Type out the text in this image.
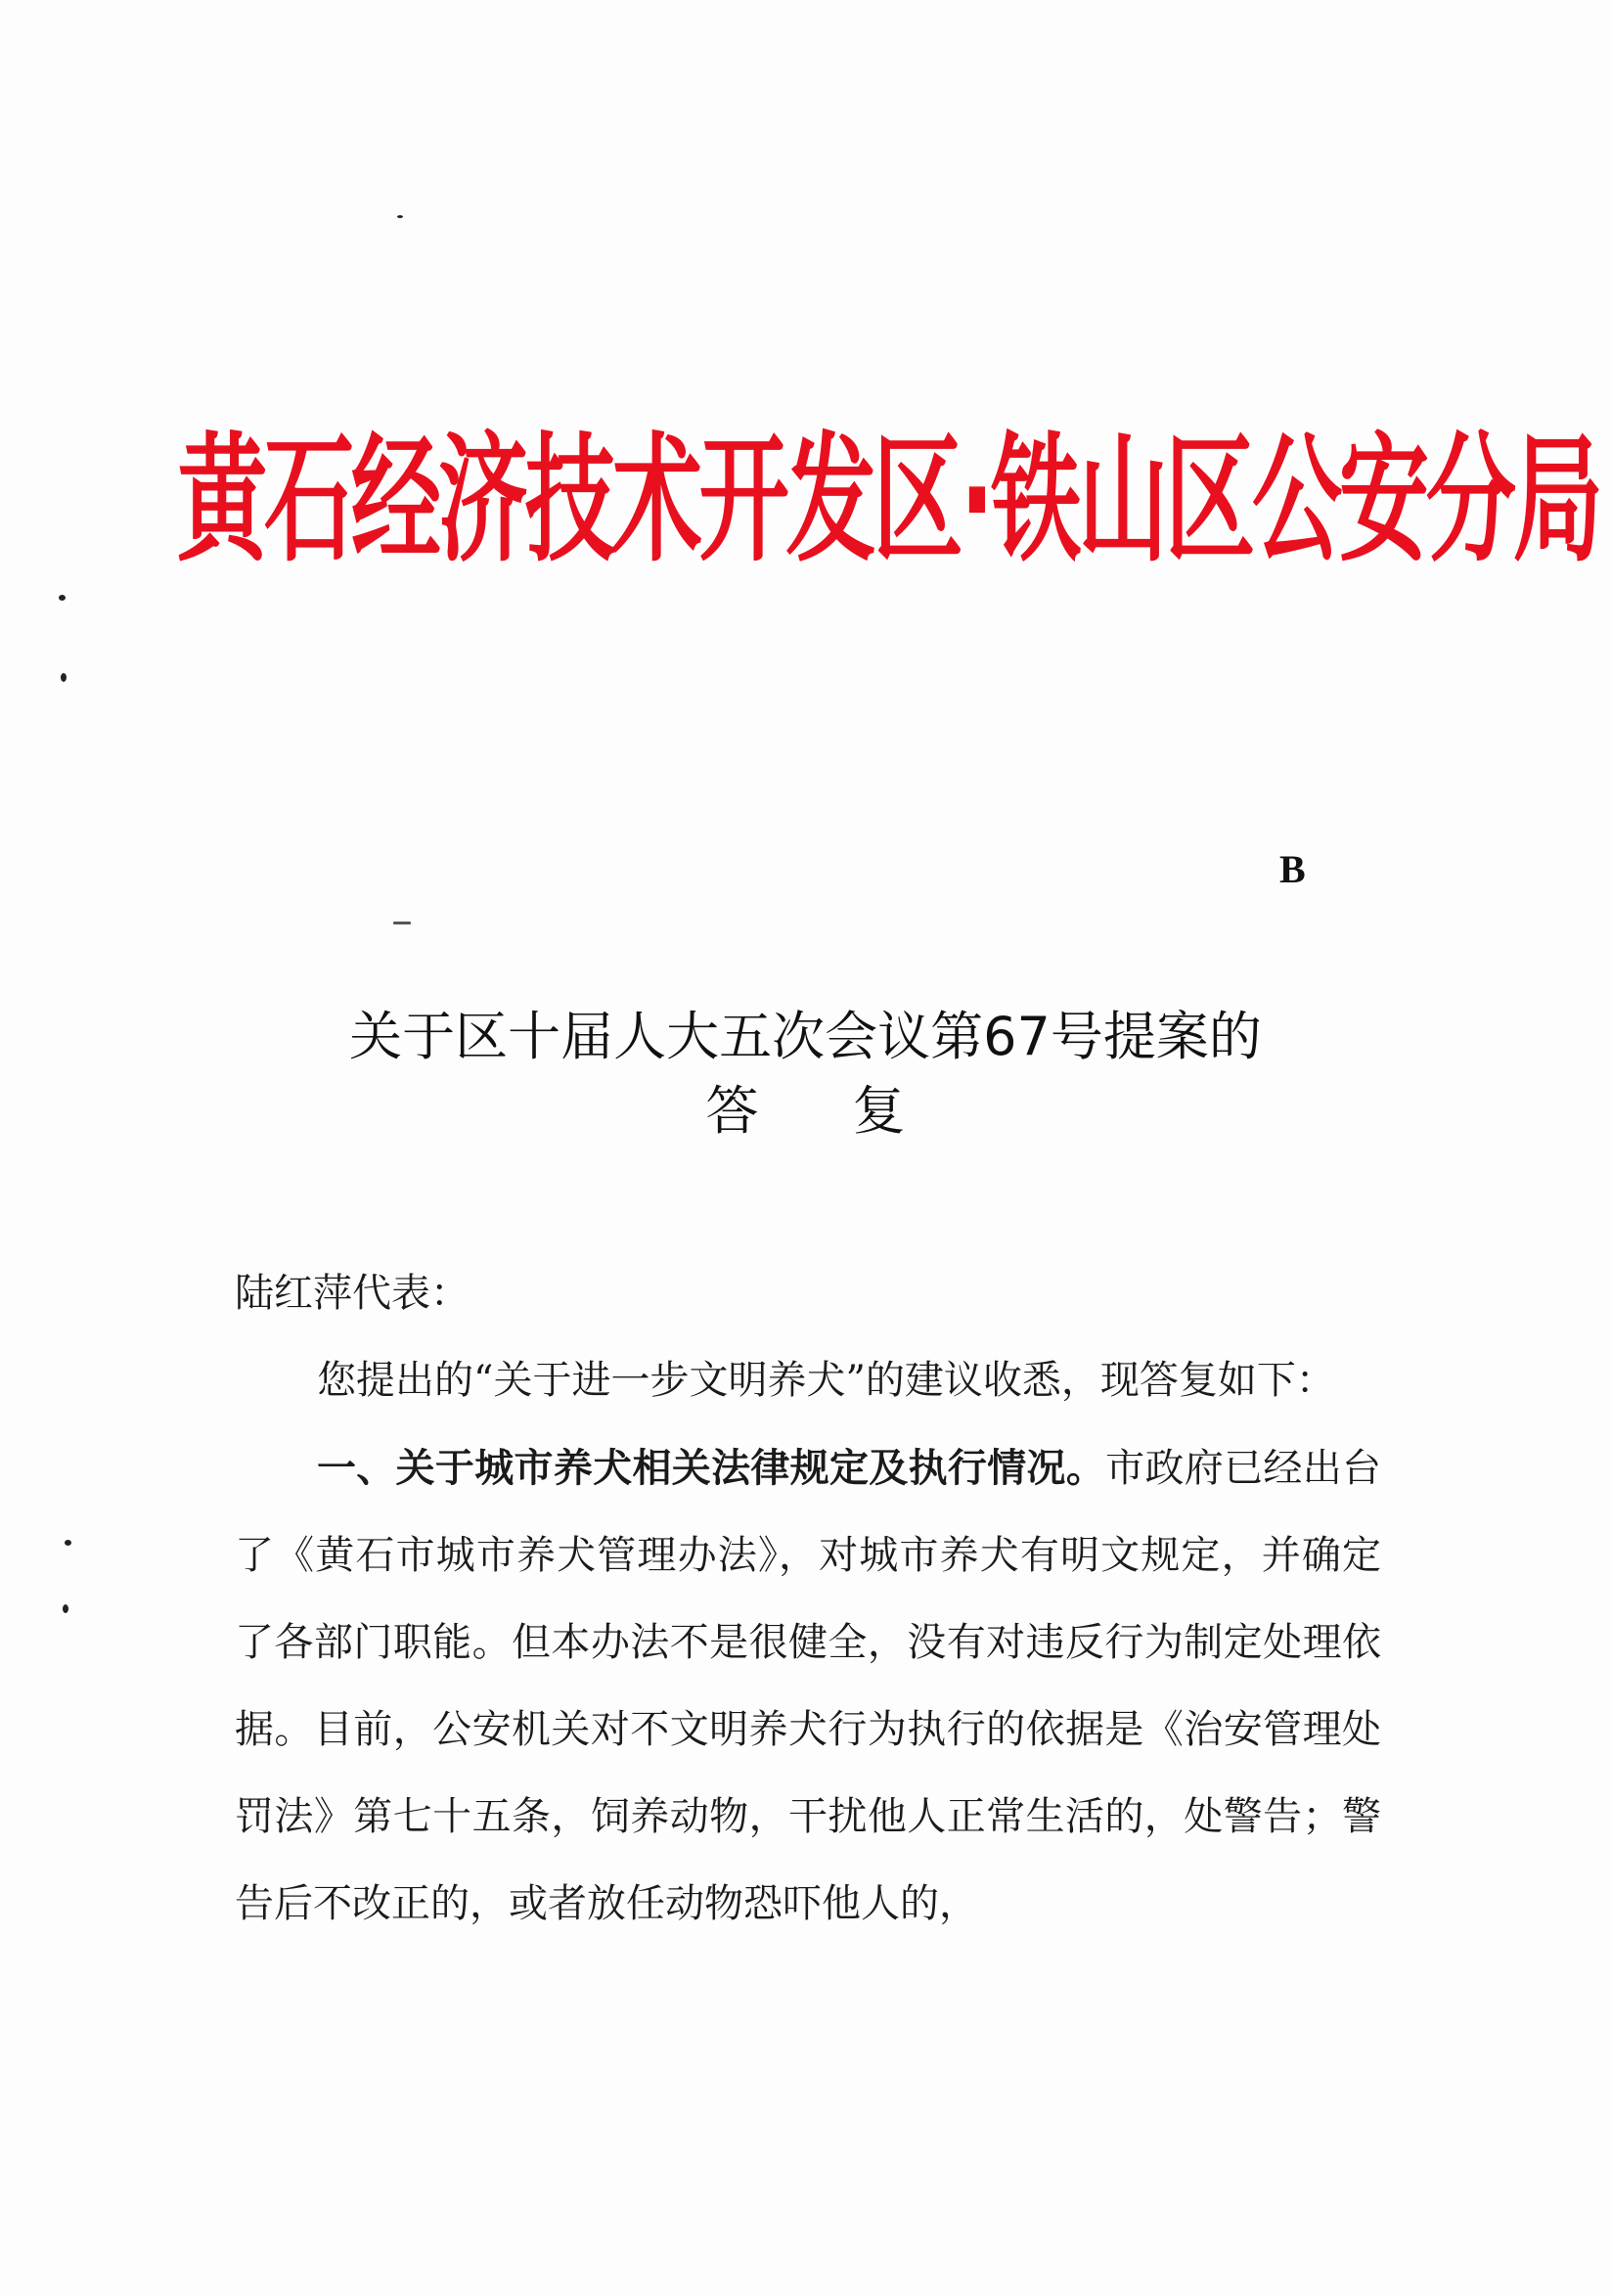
黄石经济技术开发区·铁山区公安分局
B
关于区十届人大五次会议第67号提案的
答复

陆红萍代表：

您提出的“关于进一步文明养犬”的建议收悉，现答复如下：

一、关于城市养犬相关法律规定及执行情况。市政府已经出台了《黄石市城市养犬管理办法》，对城市养犬有明文规定，并确定了各部门职能。但本办法不是很健全，没有对违反行为制定处理依据。目前，公安机关对不文明养犬行为执行的依据是《治安管理处罚法》第七十五条，饲养动物，干扰他人正常生活的，处警告；警告后不改正的，或者放任动物恐吓他人的，
